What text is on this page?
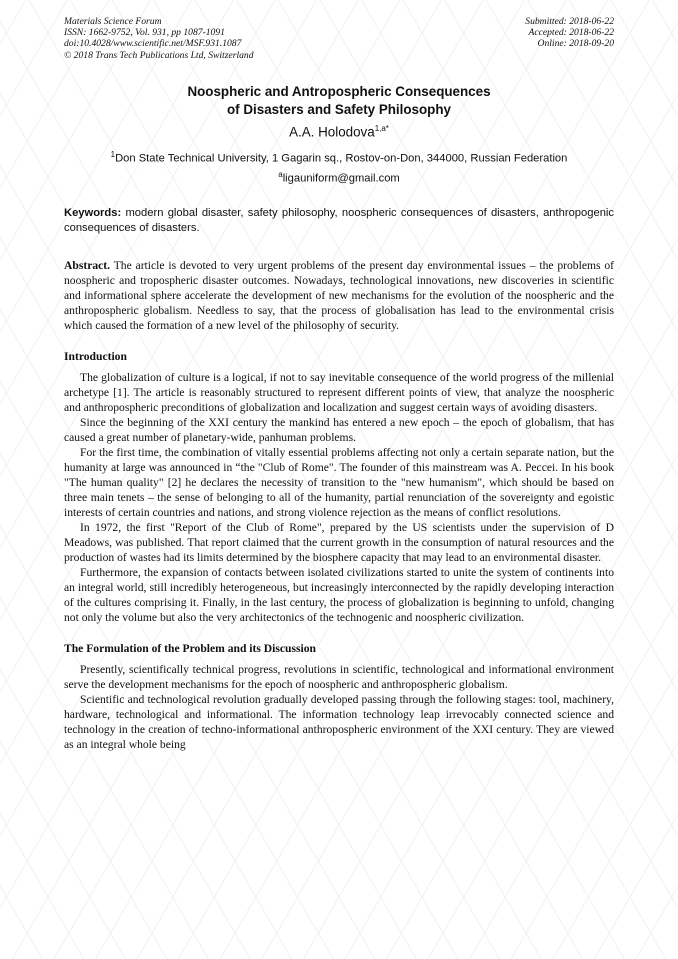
Materials Science Forum
ISSN: 1662-9752, Vol. 931, pp 1087-1091
doi:10.4028/www.scientific.net/MSF.931.1087
© 2018 Trans Tech Publications Ltd, Switzerland
Submitted: 2018-06-22
Accepted: 2018-06-22
Online: 2018-09-20
Noospheric and Antropospheric Consequences
of Disasters and Safety Philosophy
A.A. Holodova$^{1,a*}$
$^1$Don State Technical University, 1 Gagarin sq., Rostov-on-Don, 344000, Russian Federation
$^a$ligauniform@gmail.com
Keywords: modern global disaster, safety philosophy, noospheric consequences of disasters, anthropogenic consequences of disasters.

Abstract. The article is devoted to very urgent problems of the present day environmental issues – the problems of noospheric and tropospheric disaster outcomes. Nowadays, technological innovations, new discoveries in scientific and informational sphere accelerate the development of new mechanisms for the evolution of the noospheric and the anthropospheric globalism. Needless to say, that the process of globalisation has lead to the environmental crisis which caused the formation of a new level of the philosophy of security.

Introduction

The globalization of culture is a logical, if not to say inevitable consequence of the world progress of the millenial archetype [1]. The article is reasonably structured to represent different points of view, that analyze the noospheric and anthropospheric preconditions of globalization and localization and suggest certain ways of avoiding disasters.

Since the beginning of the XXI century the mankind has entered a new epoch – the epoch of globalism, that has caused a great number of planetary-wide, panhuman problems.

For the first time, the combination of vitally essential problems affecting not only a certain separate nation, but the humanity at large was announced in “the "Club of Rome". The founder of this mainstream was A. Peccei. In his book "The human quality" [2] he declares the necessity of transition to the "new humanism", which should be based on three main tenets – the sense of belonging to all of the humanity, partial renunciation of the sovereignty and egoistic interests of certain countries and nations, and strong violence rejection as the means of conflict resolutions.

In 1972, the first "Report of the Club of Rome", prepared by the US scientists under the supervision of D Meadows, was published. That report claimed that the current growth in the consumption of natural resources and the production of wastes had its limits determined by the biosphere capacity that may lead to an environmental disaster.

Furthermore, the expansion of contacts between isolated civilizations started to unite the system of continents into an integral world, still incredibly heterogeneous, but increasingly interconnected by the rapidly developing interaction of the cultures comprising it. Finally, in the last century, the process of globalization is beginning to unfold, changing not only the volume but also the very architectonics of the technogenic and noospheric civilization.

The Formulation of the Problem and its Discussion

Presently, scientifically technical progress, revolutions in scientific, technological and informational environment serve the development mechanisms for the epoch of noospheric and anthropospheric globalism.

Scientific and technological revolution gradually developed passing through the following stages: tool, machinery, hardware, technological and informational. The information technology leap irrevocably connected science and technology in the creation of techno-informational anthropospheric environment of the XXI century. They are viewed as an integral whole being
